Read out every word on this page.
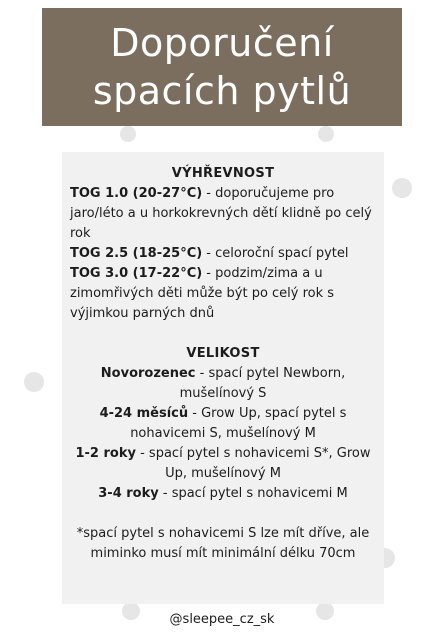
Doporučení
spacích pytlů
VÝHŘEVNOST
TOG 1.0 (20-27°C) - doporučujeme pro jaro/léto a u horkokrevných dětí klidně po celý rok
TOG 2.5 (18-25°C) - celoroční spací pytel
TOG 3.0 (17-22°C) - podzim/zima a u zimomřivých děti může být po celý rok s výjimkou parných dnů
VELIKOST
Novorozenec - spací pytel Newborn, mušelínový S
4-24 měsíců - Grow Up, spací pytel s nohavicemi S, mušelínový M
1-2 roky - spací pytel s nohavicemi S*, Grow Up, mušelínový M
3-4 roky - spací pytel s nohavicemi M
*spací pytel s nohavicemi S lze mít dříve, ale miminko musí mít minimální délku 70cm
@sleepee_cz_sk
